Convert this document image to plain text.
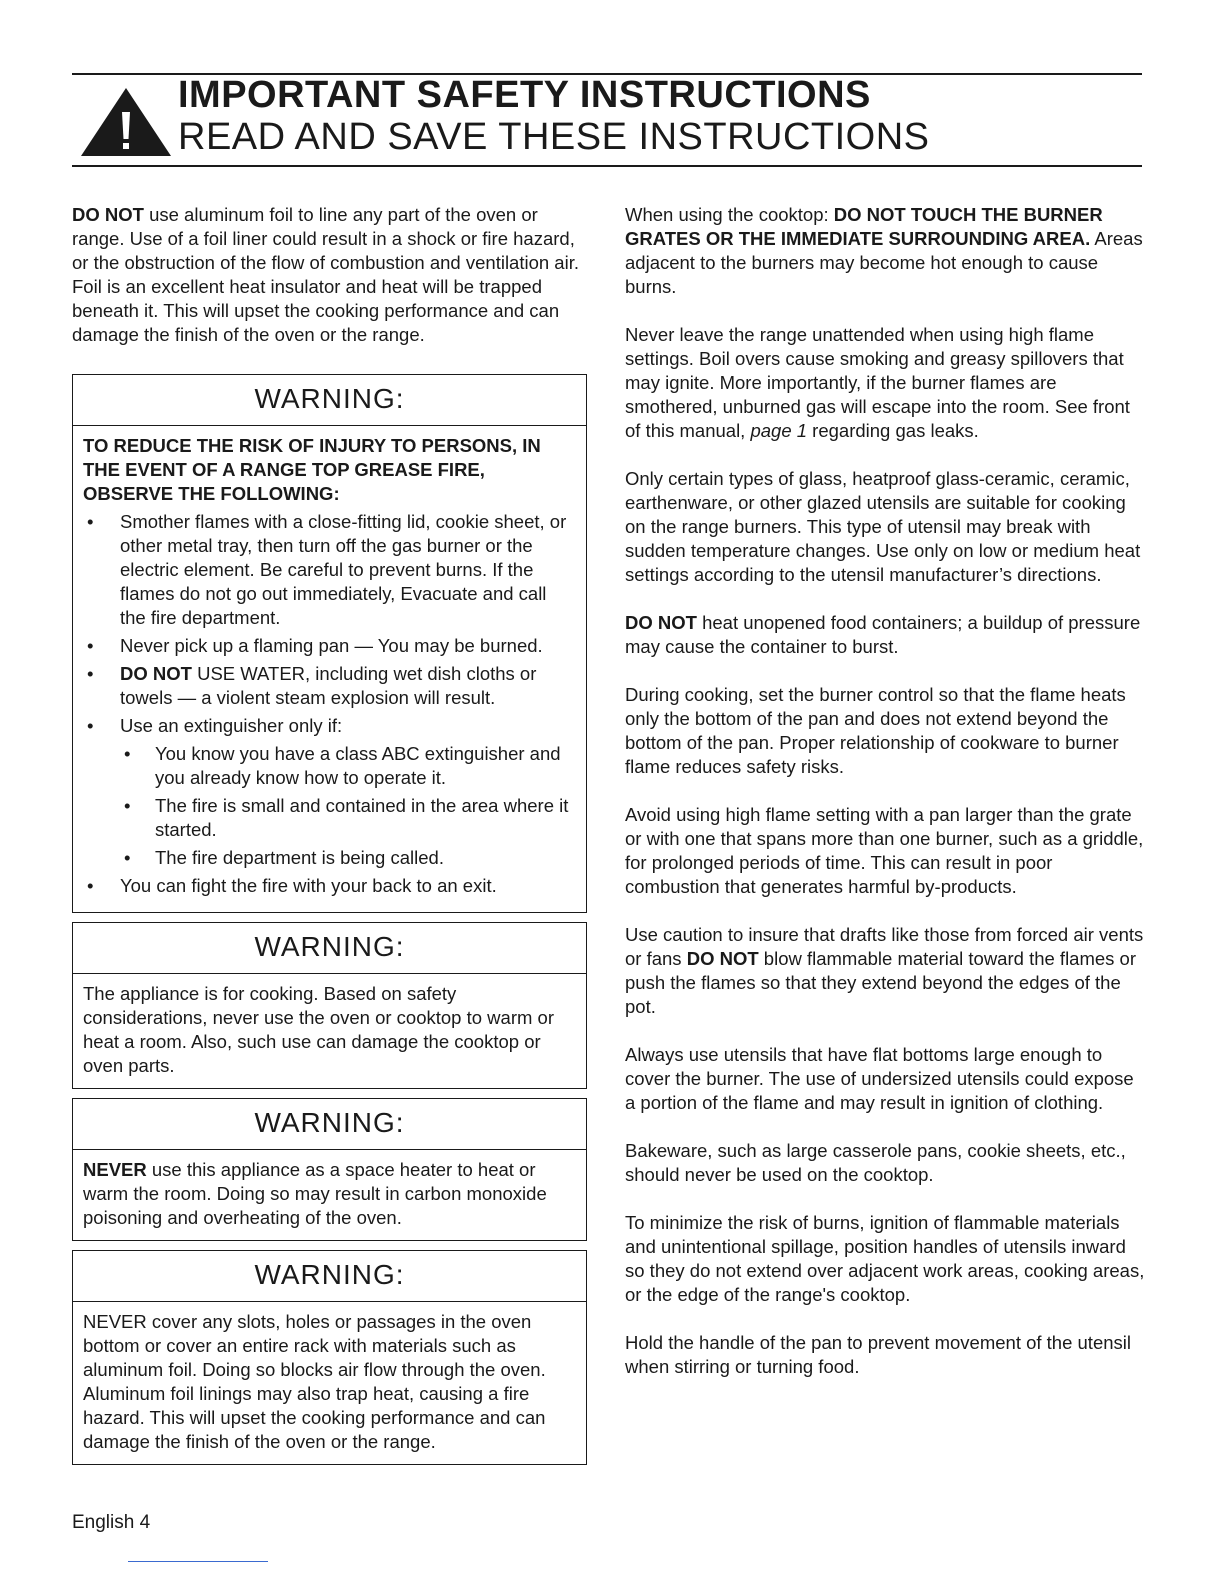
IMPORTANT SAFETY INSTRUCTIONS
READ AND SAVE THESE INSTRUCTIONS

DO NOT use aluminum foil to line any part of the oven or range. Use of a foil liner could result in a shock or fire hazard, or the obstruction of the flow of combustion and ventilation air. Foil is an excellent heat insulator and heat will be trapped beneath it. This will upset the cooking performance and can damage the finish of the oven or the range.

WARNING:

TO REDUCE THE RISK OF INJURY TO PERSONS, IN THE EVENT OF A RANGE TOP GREASE FIRE, OBSERVE THE FOLLOWING:

• Smother flames with a close-fitting lid, cookie sheet, or other metal tray, then turn off the gas burner or the electric element. Be careful to prevent burns. If the flames do not go out immediately, Evacuate and call the fire department.
• Never pick up a flaming pan — You may be burned.
• DO NOT USE WATER, including wet dish cloths or towels — a violent steam explosion will result.
• Use an extinguisher only if:
• You know you have a class ABC extinguisher and you already know how to operate it.
• The fire is small and contained in the area where it started.
• The fire department is being called.
• You can fight the fire with your back to an exit.
WARNING:

The appliance is for cooking. Based on safety considerations, never use the oven or cooktop to warm or heat a room. Also, such use can damage the cooktop or oven parts.

WARNING:

NEVER use this appliance as a space heater to heat or warm the room. Doing so may result in carbon monoxide poisoning and overheating of the oven.

WARNING:

NEVER cover any slots, holes or passages in the oven bottom or cover an entire rack with materials such as aluminum foil. Doing so blocks air flow through the oven. Aluminum foil linings may also trap heat, causing a fire hazard. This will upset the cooking performance and can damage the finish of the oven or the range.

When using the cooktop: DO NOT TOUCH THE BURNER GRATES OR THE IMMEDIATE SURROUNDING AREA. Areas adjacent to the burners may become hot enough to cause burns.

Never leave the range unattended when using high flame settings. Boil overs cause smoking and greasy spillovers that may ignite. More importantly, if the burner flames are smothered, unburned gas will escape into the room. See front of this manual, page 1 regarding gas leaks.

Only certain types of glass, heatproof glass-ceramic, ceramic, earthenware, or other glazed utensils are suitable for cooking on the range burners. This type of utensil may break with sudden temperature changes. Use only on low or medium heat settings according to the utensil manufacturer’s directions.

DO NOT heat unopened food containers; a buildup of pressure may cause the container to burst.

During cooking, set the burner control so that the flame heats only the bottom of the pan and does not extend beyond the bottom of the pan. Proper relationship of cookware to burner flame reduces safety risks.

Avoid using high flame setting with a pan larger than the grate or with one that spans more than one burner, such as a griddle, for prolonged periods of time. This can result in poor combustion that generates harmful by-products.

Use caution to insure that drafts like those from forced air vents or fans DO NOT blow flammable material toward the flames or push the flames so that they extend beyond the edges of the pot.

Always use utensils that have flat bottoms large enough to cover the burner. The use of undersized utensils could expose a portion of the flame and may result in ignition of clothing.

Bakeware, such as large casserole pans, cookie sheets, etc., should never be used on the cooktop.

To minimize the risk of burns, ignition of flammable materials and unintentional spillage, position handles of utensils inward so they do not extend over adjacent work areas, cooking areas, or the edge of the range's cooktop.

Hold the handle of the pan to prevent movement of the utensil when stirring or turning food.

English 4
